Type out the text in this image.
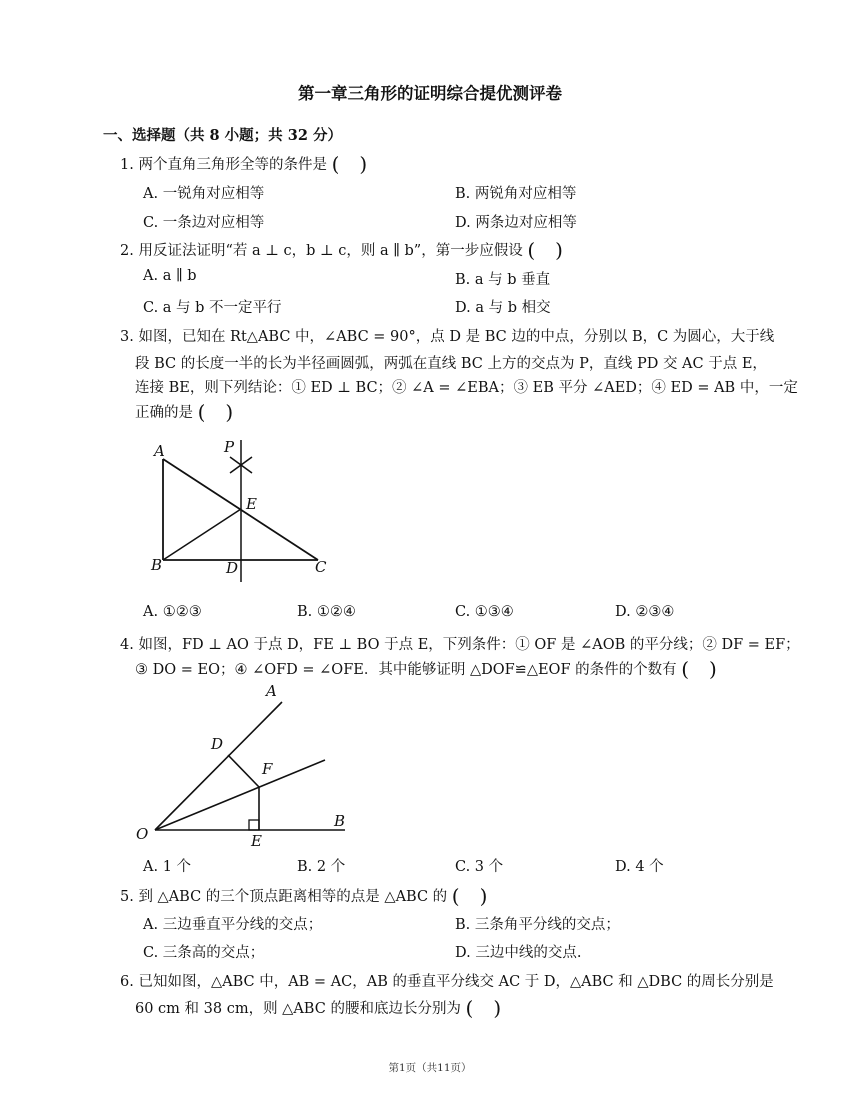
第一章三角形的证明综合提优测评卷
一、选择题（共 8 小题；共 32 分）
1. 两个直角三角形全等的条件是 ( )
A. 一锐角对应相等	B. 两锐角对应相等
C. 一条边对应相等	D. 两条边对应相等
2. 用反证法证明“若 a ⊥ c，b ⊥ c，则 a ∥ b”，第一步应假设 ( )
A. a ∥ b	B. a 与 b 垂直
C. a 与 b 不一定平行	D. a 与 b 相交
3. 如图，已知在 Rt△ABC 中，∠ABC = 90°，点 D 是 BC 边的中点，分别以 B，C 为圆心，大于线
段 BC 的长度一半的长为半径画圆弧，两弧在直线 BC 上方的交点为 P，直线 PD 交 AC 于点 E，
连接 BE，则下列结论：① ED ⊥ BC；② ∠A = ∠EBA；③ EB 平分 ∠AED；④ ED = AB 中，一定
正确的是 ( )
A	P
E
B	D	C
A. ①②③	B. ①②④	C. ①③④	D. ②③④
4. 如图，FD ⊥ AO 于点 D，FE ⊥ BO 于点 E，下列条件：① OF 是 ∠AOB 的平分线；② DF = EF；
③ DO = EO；④ ∠OFD = ∠OFE．其中能够证明 △DOF≌△EOF 的条件的个数有 ( )
A
D
F
O	E
B
A. 1 个	B. 2 个	C. 3 个	D. 4 个
5. 到 △ABC 的三个顶点距离相等的点是 △ABC 的 ( )
A. 三边垂直平分线的交点；	B. 三条角平分线的交点；
C. 三条高的交点；	D. 三边中线的交点.
6. 已知如图，△ABC 中，AB = AC，AB 的垂直平分线交 AC 于 D，△ABC 和 △DBC 的周长分别是
60 cm 和 38 cm，则 △ABC 的腰和底边长分别为 ( )
第1页（共11页）
